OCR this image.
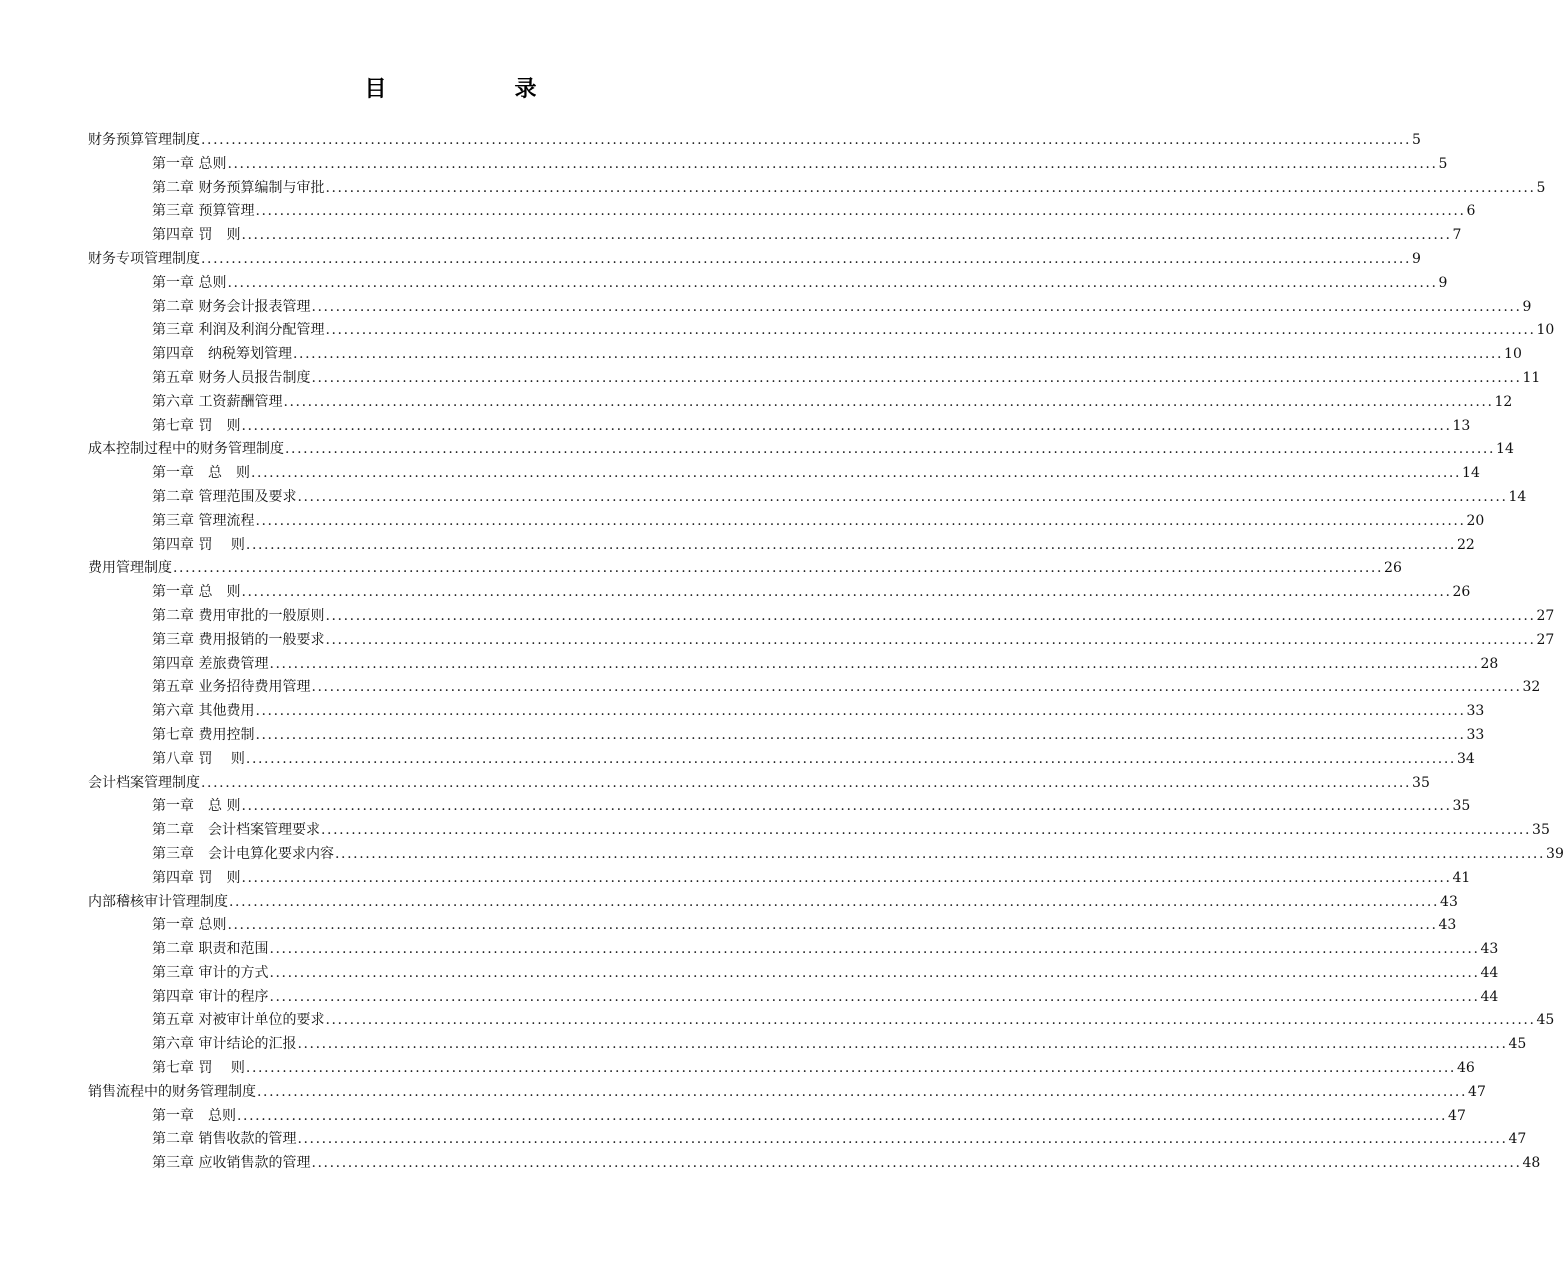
目　　录
财务预算管理制度 ........................................................................................................................................................................................................ 5
第一章 总则 ........................................................................................................................................................................................................ 5
第二章 财务预算编制与审批 ........................................................................................................................................................................................................ 5
第三章 预算管理 ........................................................................................................................................................................................................ 6
第四章 罚　则 ........................................................................................................................................................................................................ 7
财务专项管理制度 ........................................................................................................................................................................................................ 9
第一章 总则 ........................................................................................................................................................................................................ 9
第二章 财务会计报表管理 ........................................................................................................................................................................................................ 9
第三章 利润及利润分配管理 ........................................................................................................................................................................................................ 10
第四章　纳税筹划管理 ........................................................................................................................................................................................................ 10
第五章 财务人员报告制度 ........................................................................................................................................................................................................ 11
第六章 工资薪酬管理 ........................................................................................................................................................................................................ 12
第七章 罚　则 ........................................................................................................................................................................................................ 13
成本控制过程中的财务管理制度 ........................................................................................................................................................................................................ 14
第一章　总　则 ........................................................................................................................................................................................................ 14
第二章 管理范围及要求 ........................................................................................................................................................................................................ 14
第三章 管理流程 ........................................................................................................................................................................................................ 20
第四章 罚　 则 ........................................................................................................................................................................................................ 22
费用管理制度 ........................................................................................................................................................................................................ 26
第一章 总　则 ........................................................................................................................................................................................................ 26
第二章 费用审批的一般原则 ........................................................................................................................................................................................................ 27
第三章 费用报销的一般要求 ........................................................................................................................................................................................................ 27
第四章 差旅费管理 ........................................................................................................................................................................................................ 28
第五章 业务招待费用管理 ........................................................................................................................................................................................................ 32
第六章 其他费用 ........................................................................................................................................................................................................ 33
第七章 费用控制 ........................................................................................................................................................................................................ 33
第八章 罚　 则 ........................................................................................................................................................................................................ 34
会计档案管理制度 ........................................................................................................................................................................................................ 35
第一章　总 则 ........................................................................................................................................................................................................ 35
第二章　会计档案管理要求 ........................................................................................................................................................................................................ 35
第三章　会计电算化要求内容 ........................................................................................................................................................................................................ 39
第四章 罚　则 ........................................................................................................................................................................................................ 41
内部稽核审计管理制度 ........................................................................................................................................................................................................ 43
第一章 总则 ........................................................................................................................................................................................................ 43
第二章 职责和范围 ........................................................................................................................................................................................................ 43
第三章 审计的方式 ........................................................................................................................................................................................................ 44
第四章 审计的程序 ........................................................................................................................................................................................................ 44
第五章 对被审计单位的要求 ........................................................................................................................................................................................................ 45
第六章 审计结论的汇报 ........................................................................................................................................................................................................ 45
第七章 罚　 则 ........................................................................................................................................................................................................ 46
销售流程中的财务管理制度 ........................................................................................................................................................................................................ 47
第一章　总则 ........................................................................................................................................................................................................ 47
第二章 销售收款的管理 ........................................................................................................................................................................................................ 47
第三章 应收销售款的管理 ........................................................................................................................................................................................................ 48
